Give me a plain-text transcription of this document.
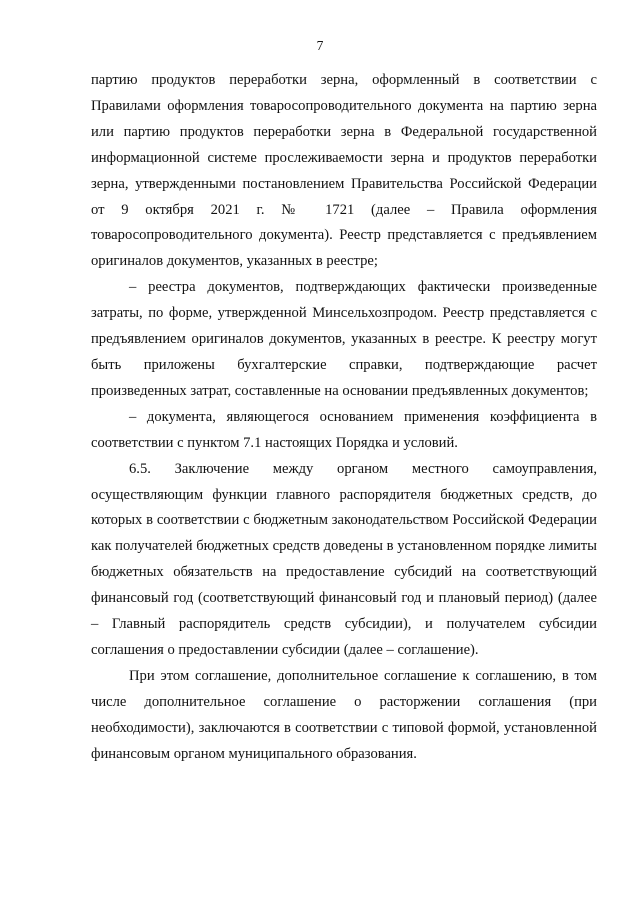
7

партию продуктов переработки зерна, оформленный в соответствии с Правилами оформления товаросопроводительного документа на партию зерна или партию продуктов переработки зерна в Федеральной государственной информационной системе прослеживаемости зерна и продуктов переработки зерна, утвержденными постановлением Правительства Российской Федерации от 9 октября 2021 г. № 1721 (далее – Правила оформления товаросопроводительного документа). Реестр представляется с предъявлением оригиналов документов, указанных в реестре;

– реестра документов, подтверждающих фактически произведенные затраты, по форме, утвержденной Минсельхозпродом. Реестр представляется с предъявлением оригиналов документов, указанных в реестре. К реестру могут быть приложены бухгалтерские справки, подтверждающие расчет произведенных затрат, составленные на основании предъявленных документов;

– документа, являющегося основанием применения коэффициента в соответствии с пунктом 7.1 настоящих Порядка и условий.

6.5. Заключение между органом местного самоуправления, осуществляющим функции главного распорядителя бюджетных средств, до которых в соответствии с бюджетным законодательством Российской Федерации как получателей бюджетных средств доведены в установленном порядке лимиты бюджетных обязательств на предоставление субсидий на соответствующий финансовый год (соответствующий финансовый год и плановый период) (далее – Главный распорядитель средств субсидии), и получателем субсидии соглашения о предоставлении субсидии (далее – соглашение).

При этом соглашение, дополнительное соглашение к соглашению, в том числе дополнительное соглашение о расторжении соглашения (при необходимости), заключаются в соответствии с типовой формой, установленной финансовым органом муниципального образования.
